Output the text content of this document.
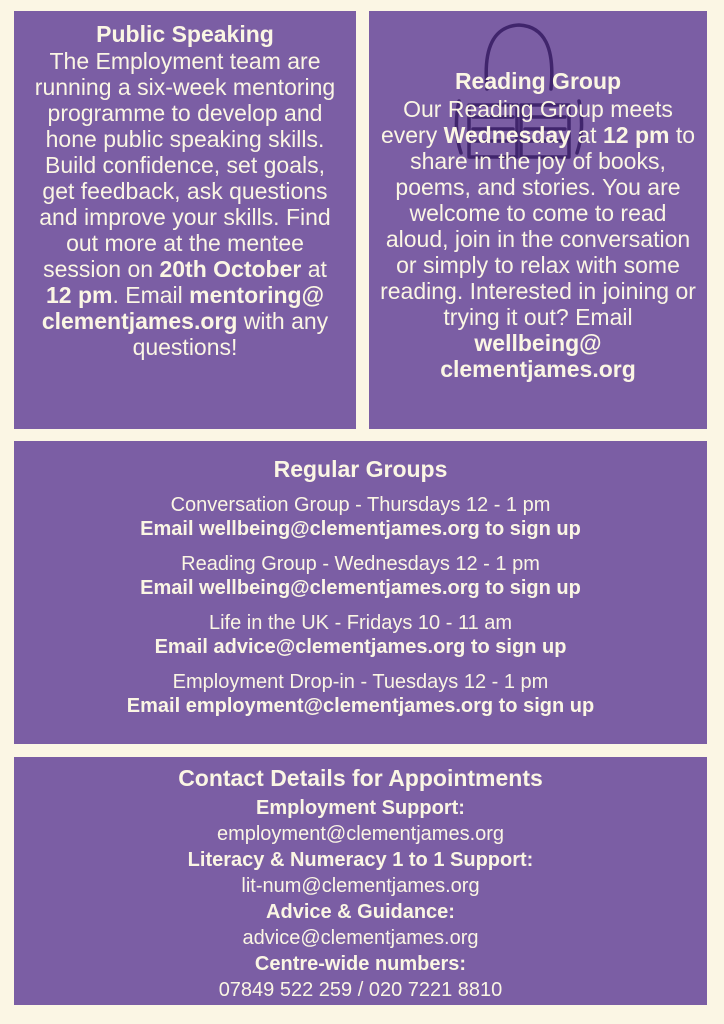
Public Speaking

The Employment team are running a six-week mentoring programme to develop and hone public speaking skills. Build confidence, set goals, get feedback, ask questions and improve your skills. Find out more at the mentee session on 20th October at 12 pm. Email mentoring@ clementjames.org with any questions!

Reading Group

Our Reading Group meets every Wednesday at 12 pm to share in the joy of books, poems, and stories. You are welcome to come to read aloud, join in the conversation or simply to relax with some reading. Interested in joining or trying it out? Email wellbeing@ clementjames.org

Regular Groups

Conversation Group - Thursdays 12 - 1 pm

Email wellbeing@clementjames.org to sign up

Reading Group - Wednesdays 12 - 1 pm

Email wellbeing@clementjames.org to sign up

Life in the UK - Fridays 10 - 11 am

Email advice@clementjames.org to sign up

Employment Drop-in - Tuesdays 12 - 1 pm

Email employment@clementjames.org to sign up

Contact Details for Appointments

Employment Support:

employment@clementjames.org

Literacy & Numeracy 1 to 1 Support:

lit-num@clementjames.org

Advice & Guidance:

advice@clementjames.org

Centre-wide numbers:

07849 522 259 / 020 7221 8810
